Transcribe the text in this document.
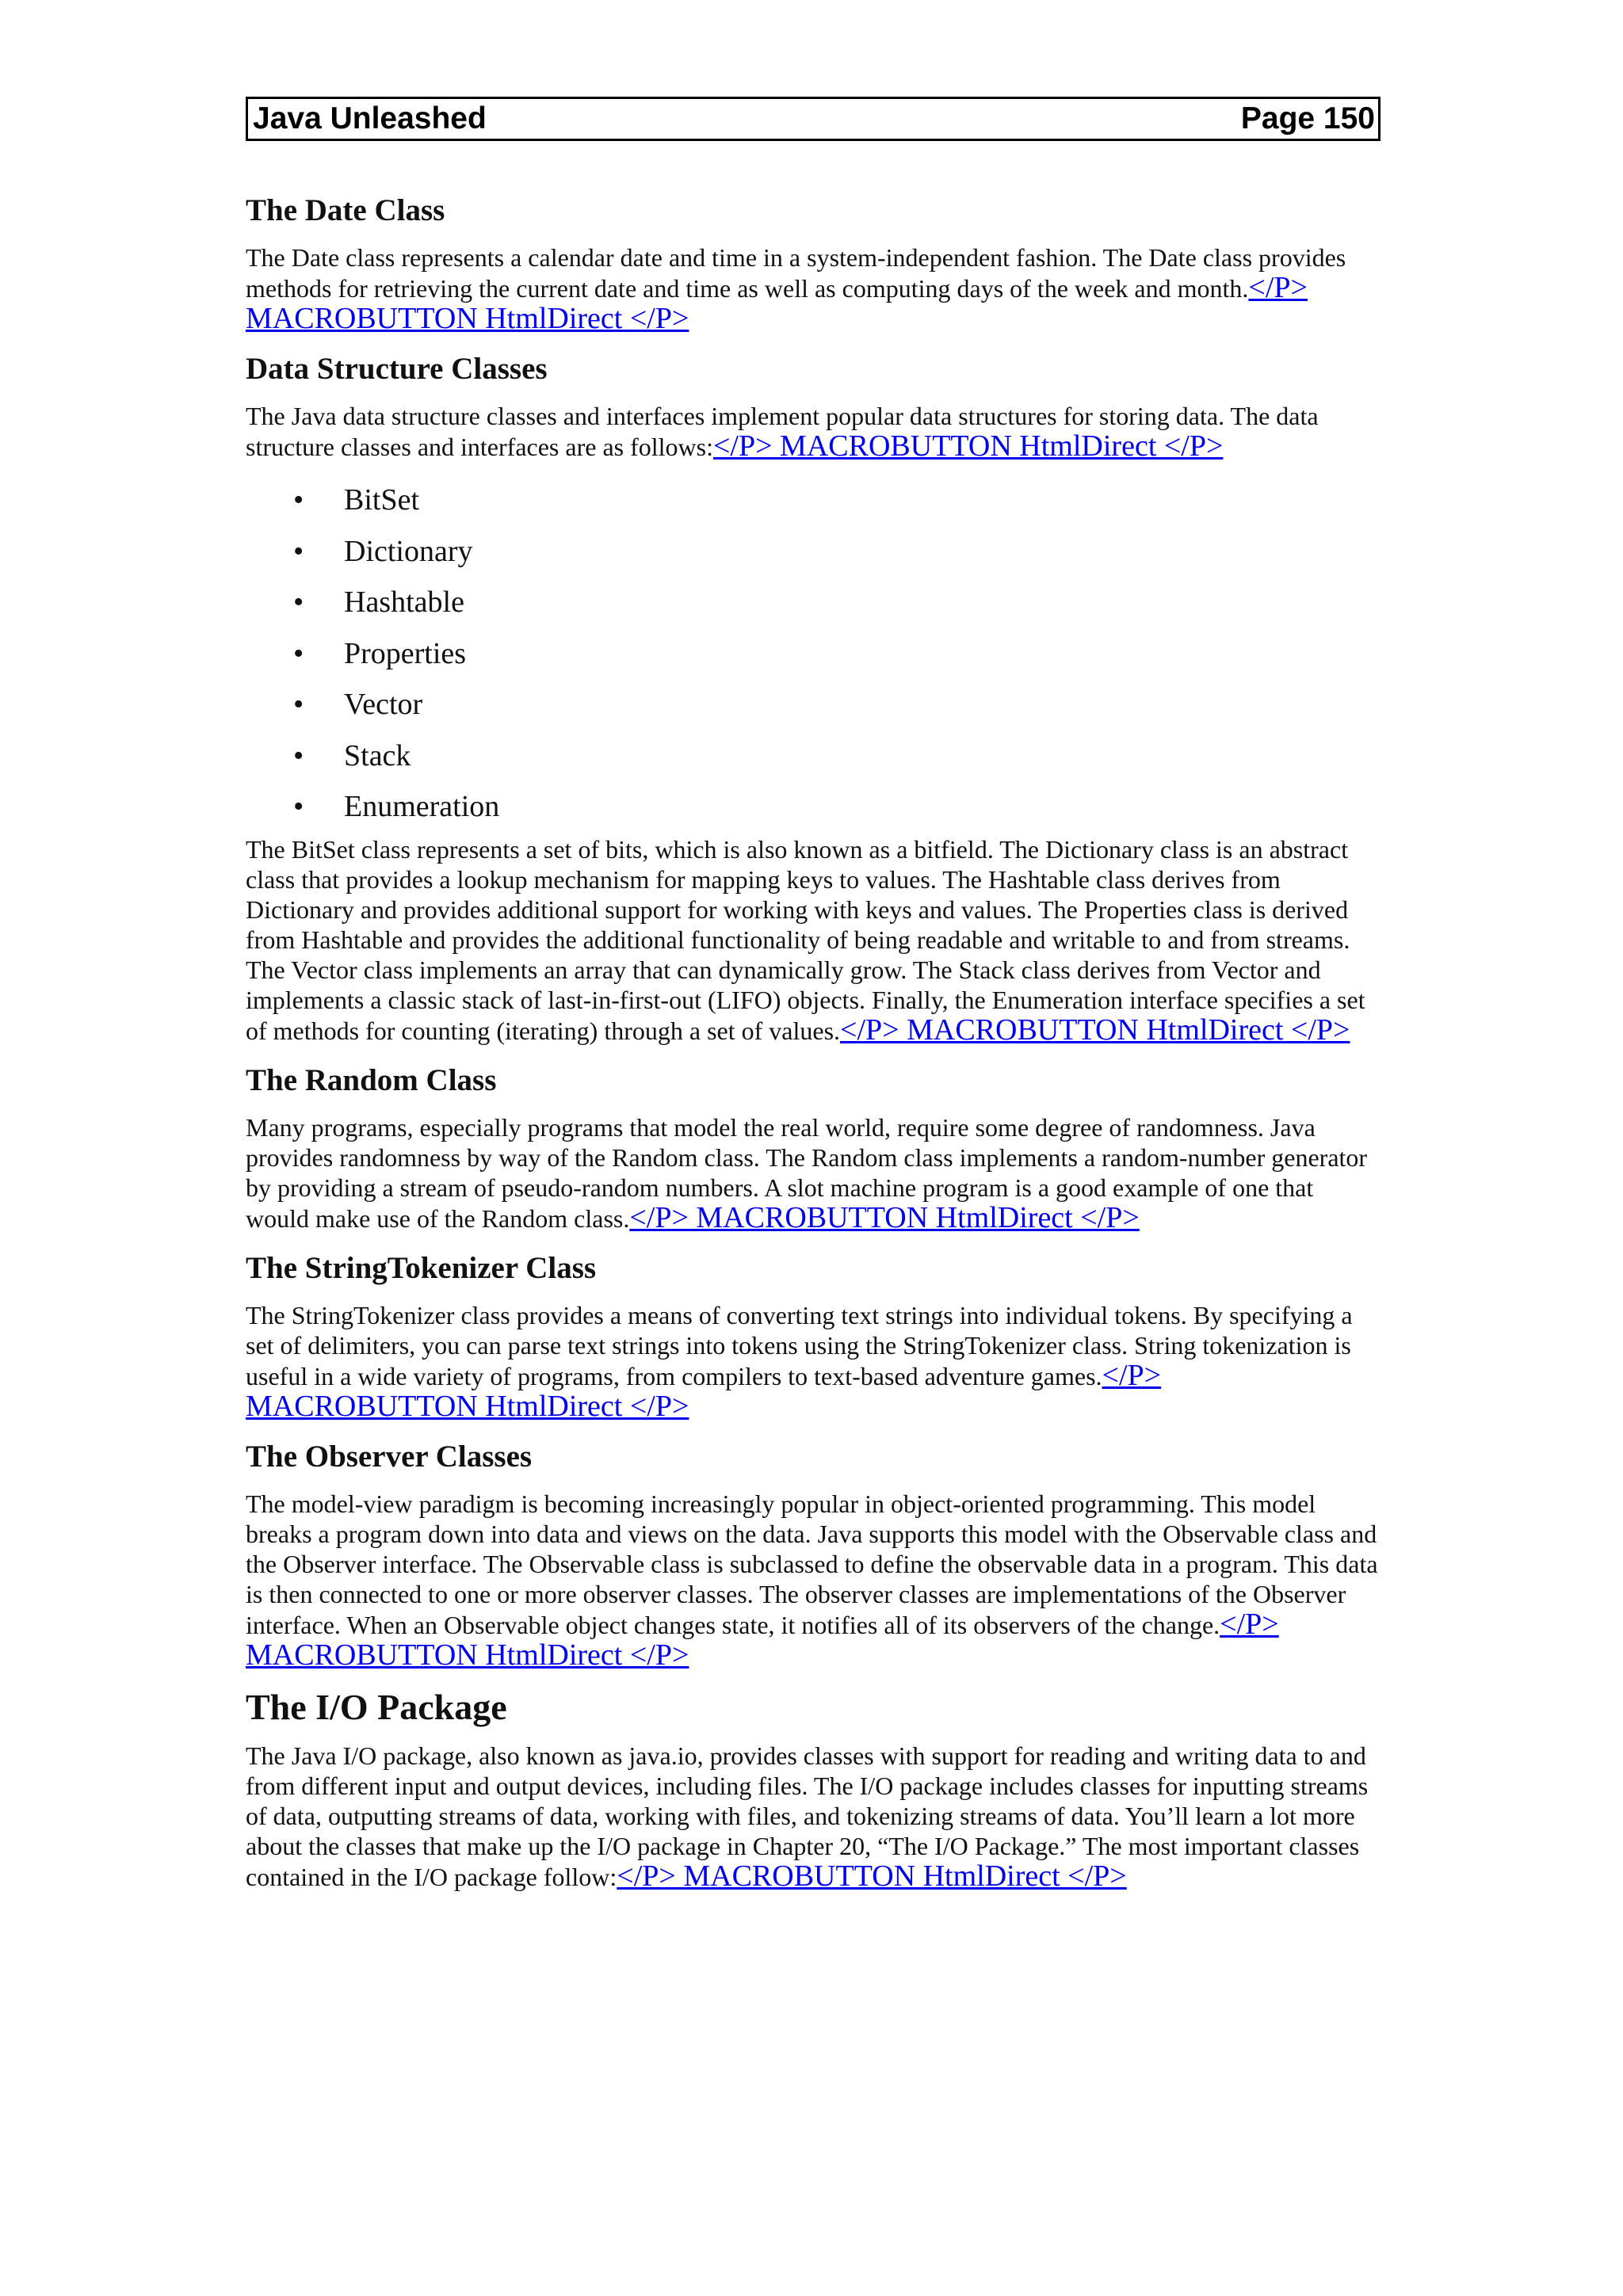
Java Unleashed	Page 150
The Date Class

The Date class represents a calendar date and time in a system-independent fashion. The Date class provides methods for retrieving the current date and time as well as computing days of the week and month.</P> MACROBUTTON HtmlDirect </P>

Data Structure Classes

The Java data structure classes and interfaces implement popular data structures for storing data. The data structure classes and interfaces are as follows:</P> MACROBUTTON HtmlDirect </P>

• BitSet
• Dictionary
• Hashtable
• Properties
• Vector
• Stack
• Enumeration

The BitSet class represents a set of bits, which is also known as a bitfield. The Dictionary class is an abstract class that provides a lookup mechanism for mapping keys to values. The Hashtable class derives from Dictionary and provides additional support for working with keys and values. The Properties class is derived from Hashtable and provides the additional functionality of being readable and writable to and from streams. The Vector class implements an array that can dynamically grow. The Stack class derives from Vector and implements a classic stack of last-in-first-out (LIFO) objects. Finally, the Enumeration interface specifies a set of methods for counting (iterating) through a set of values.</P> MACROBUTTON HtmlDirect </P>

The Random Class

Many programs, especially programs that model the real world, require some degree of randomness. Java provides randomness by way of the Random class. The Random class implements a random-number generator by providing a stream of pseudo-random numbers. A slot machine program is a good example of one that would make use of the Random class.</P> MACROBUTTON HtmlDirect </P>

The StringTokenizer Class

The StringTokenizer class provides a means of converting text strings into individual tokens. By specifying a set of delimiters, you can parse text strings into tokens using the StringTokenizer class. String tokenization is useful in a wide variety of programs, from compilers to text-based adventure games.</P> MACROBUTTON HtmlDirect </P>

The Observer Classes

The model-view paradigm is becoming increasingly popular in object-oriented programming. This model breaks a program down into data and views on the data. Java supports this model with the Observable class and the Observer interface. The Observable class is subclassed to define the observable data in a program. This data is then connected to one or more observer classes. The observer classes are implementations of the Observer interface. When an Observable object changes state, it notifies all of its observers of the change.</P> MACROBUTTON HtmlDirect </P>

The I/O Package

The Java I/O package, also known as java.io, provides classes with support for reading and writing data to and from different input and output devices, including files. The I/O package includes classes for inputting streams of data, outputting streams of data, working with files, and tokenizing streams of data. You’ll learn a lot more about the classes that make up the I/O package in Chapter 20, “The I/O Package.” The most important classes contained in the I/O package follow:</P> MACROBUTTON HtmlDirect </P>
